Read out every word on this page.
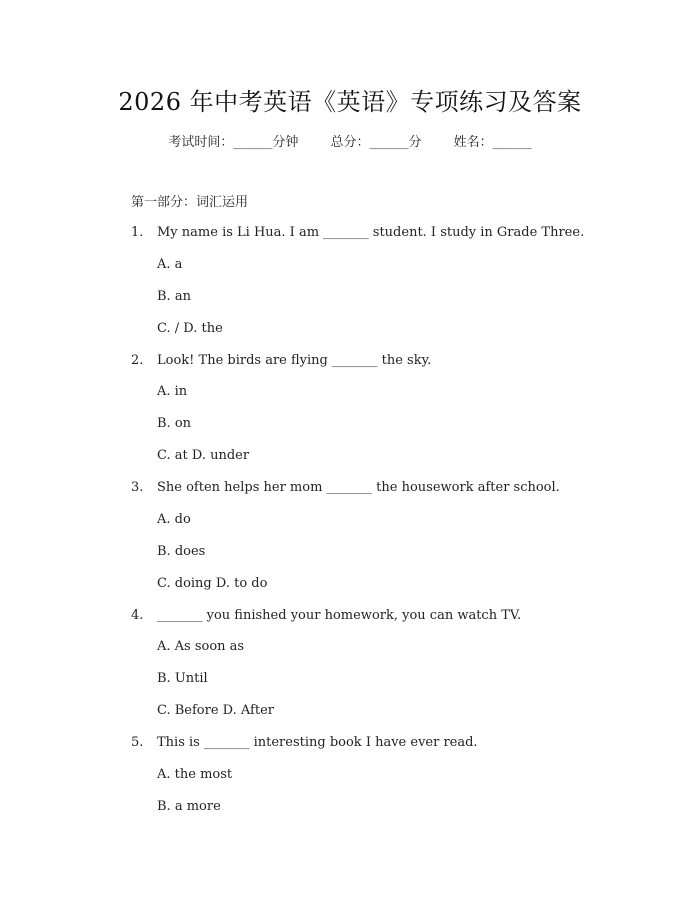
2026 年中考英语《英语》专项练习及答案
考试时间：______分钟 总分：______分 姓名：______
第一部分：词汇运用
1. My name is Li Hua. I am _______ student. I study in Grade Three.
A. a
B. an
C. / D. the
2. Look! The birds are flying _______ the sky.
A. in
B. on
C. at D. under
3. She often helps her mom _______ the housework after school.
A. do
B. does
C. doing D. to do
4. _______ you finished your homework, you can watch TV.
A. As soon as
B. Until
C. Before D. After
5. This is _______ interesting book I have ever read.
A. the most
B. a more
